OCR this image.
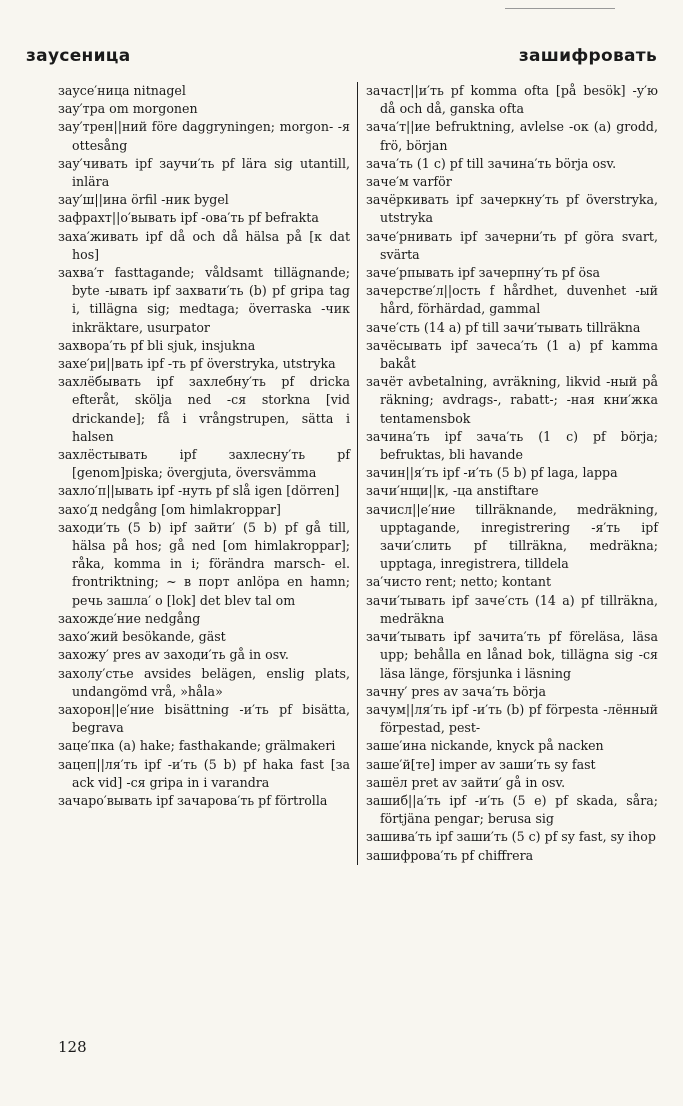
заусеница	зашифровать

заусе′ница nitnagel

зау′тра om morgonen

зау′трен||ний före daggryningen; morgon- -я ottesång

зау′чивать ipf заучи′ть pf lära sig utantill, inlära

зау′ш||ина örfil -ник bygel

зафрахт||о′вывать ipf -ова′ть pf befrakta

захa′живать ipf då och då hälsa på [к dat hos]

захва′т fasttagande; våldsamt tillägnande; byte -ывать ipf захвати′ть (b) pf gripa tag i, tillägna sig; medtaga; överraska -чик inkräktare, usurpator

захвора′ть pf bli sjuk, insjukna

захе′ри||вать ipf -ть pf överstryka, utstryka

захлёбывать ipf захлебну′ть pf dricka efteråt, skölja ned -ся storkna [vid drickande]; få i vrångstrupen, sätta i halsen

захлёстывать ipf захлесну′ть pf [genom]piska; övergjuta, översvämma

захло′п||ывать ipf -нуть pf slå igen [dörren]

захо′д nedgång [om himlakroppar]

заходи′ть (5 b) ipf зайти′ (5 b) pf gå till, hälsa på hos; gå ned [om himlakroppar]; råka, komma in i; förändra marsch- el. frontriktning; ~ в порт anlöpa en hamn; речь зашла′ о [lok] det blev tal om

захожде′ние nedgång

захо′жий besökande, gäst

захожу′ pres av заходи′ть gå in osv.

захолу′стье avsides belägen, enslig plats, undangömd vrå, »håla»

захорон||е′ние bisättning -и′ть pf bisätta, begrava

заце′пка (a) hake; fasthakande; grälmakeri

зацеп||ля′ть ipf -и′ть (5 b) pf haka fast [за ack vid] -ся gripa in i varandra

зачаро′вывать ipf зачарова′ть pf förtrolla

зачаст||и′ть pf komma ofta [på besök] -у′ю då och då, ganska ofta

зача′т||ие befruktning, avlelse -ок (a) grodd, frö, början

зача′ть (1 c) pf till зачина′ть börja osv.

заче′м varför

зачёркивать ipf зачеркну′ть pf överstryka, utstryka

заче′рнивать ipf зачерни′ть pf göra svart, svärta

заче′рпывать ipf зачерпну′ть pf ösa

зачерстве′л||ость f hårdhet, duvenhet -ый hård, förhärdad, gammal

заче′сть (14 a) pf till зачи′тывать tillräkna

зачёсывать ipf зачеса′ть (1 a) pf kamma bakåt

зачёт avbetalning, avräkning, likvid -ный på räkning; avdrags-, rabatt-; -ная кни′жка tentamensbok

зачина′ть ipf зача′ть (1 c) pf börja; befruktas, bli havande

зачин||я′ть ipf -и′ть (5 b) pf laga, lappa

зачи′нщи||к, -ца anstiftare

зачисл||е′ние tillräknande, medräkning, upptagande, inregistrering -я′ть ipf зачи′слить pf tillräkna, medräkna; upptaga, inregistrera, tilldela

за′чисто rent; netto; kontant

зачи′тывать ipf заче′сть (14 a) pf tillräkna, medräkna

зачи′тывать ipf зачита′ть pf föreläsa, läsa upp; behålla en lånad bok, tillägna sig -ся läsa länge, försjunka i läsning

зачну′ pres av зача′ть börja

зачум||ля′ть ipf -и′ть (b) pf förpesta -лённый förpestad, pest-

заше′ина nickande, knyck på nacken

заше′й[те] imper av заши′ть sy fast

зашёл pret av зайти′ gå in osv.

зашиб||а′ть ipf -и′ть (5 e) pf skada, såra; förtjäna pengar; berusa sig

зашива′ть ipf заши′ть (5 c) pf sy fast, sy ihop

зашифрова′ть pf chiffrera

128
